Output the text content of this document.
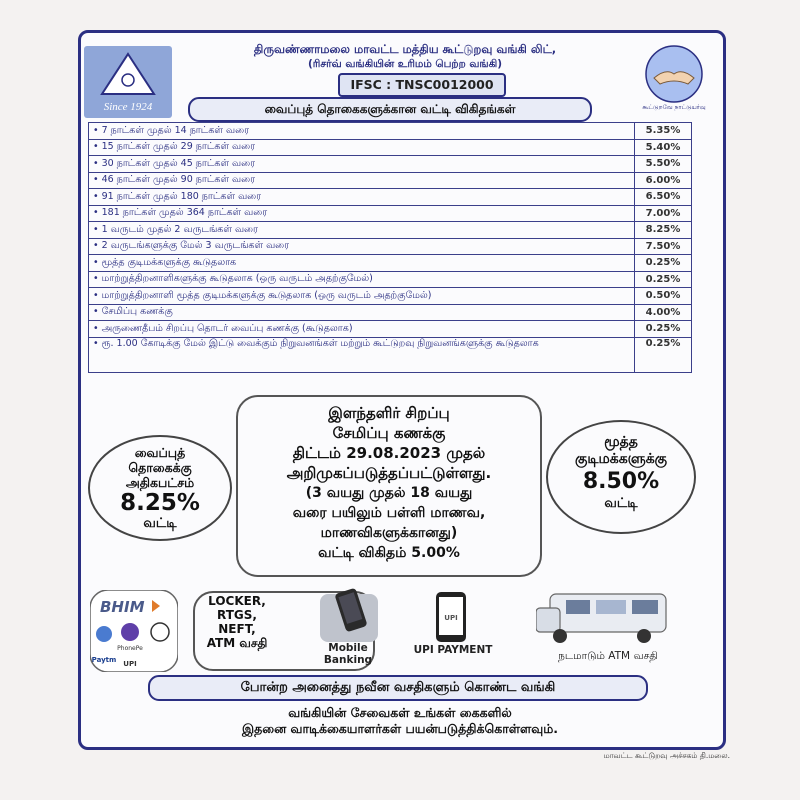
Since 1924	கூட்டுறவே நாட்டுயர்வு
திருவண்ணாமலை மாவட்ட மத்திய கூட்டுறவு வங்கி லிட்,
(ரிசர்வ் வங்கியின் உரிமம் பெற்ற வங்கி)
IFSC : TNSC0012000
வைப்புத் தொகைகளுக்கான வட்டி விகிதங்கள்
• 7 நாட்கள் முதல் 14 நாட்கள் வரை	5.35%
• 15 நாட்கள் முதல் 29 நாட்கள் வரை	5.40%
• 30 நாட்கள் முதல் 45 நாட்கள் வரை	5.50%
• 46 நாட்கள் முதல் 90 நாட்கள் வரை	6.00%
• 91 நாட்கள் முதல் 180 நாட்கள் வரை	6.50%
• 181 நாட்கள் முதல் 364 நாட்கள் வரை	7.00%
• 1 வருடம் முதல் 2 வருடங்கள் வரை	8.25%
• 2 வருடங்களுக்கு மேல் 3 வருடங்கள் வரை	7.50%
• மூத்த குடிமக்களுக்கு கூடுதலாக	0.25%
• மாற்றுத்திறனாளிகளுக்கு கூடுதலாக (ஒரு வருடம் அதற்குமேல்)	0.25%
• மாற்றுத்திறனாளி மூத்த குடிமக்களுக்கு கூடுதலாக (ஒரு வருடம் அதற்குமேல்)	0.50%
• சேமிப்பு கணக்கு	4.00%
• அருணைதீபம் சிறப்பு தொடர் வைப்பு கணக்கு (கூடுதலாக)	0.25%
• ரூ. 1.00 கோடிக்கு மேல் இட்டு வைக்கும் நிறுவனங்கள் மற்றும் கூட்டுறவு நிறுவனங்களுக்கு கூடுதலாக	0.25%
வைப்புத்
தொகைக்கு
அதிகபட்சம்
8.25%
வட்டி
இளந்தளிர் சிறப்பு
சேமிப்பு கணக்கு
திட்டம் 29.08.2023 முதல்
அறிமுகப்படுத்தப்பட்டுள்ளது.
(3 வயது முதல் 18 வயது
வரை பயிலும் பள்ளி மாணவ,
மாணவிகளுக்கானது)
வட்டி விகிதம் 5.00%
மூத்த
குடிமக்களுக்கு
8.50%
வட்டி
BHIM
PhonePe
Paytm UPI
LOCKER,
RTGS,
NEFT,
ATM வசதி	Mobile
Banking
UPI
UPI PAYMENT	நடமாடும் ATM வசதி
போன்ற அனைத்து நவீன வசதிகளும் கொண்ட வங்கி
வங்கியின் சேவைகள் உங்கள் கைகளில்
இதனை வாடிக்கையாளர்கள் பயன்படுத்திக்கொள்ளவும்.
மாவட்ட கூட்டுறவு அச்சகம் தி.மலை.
